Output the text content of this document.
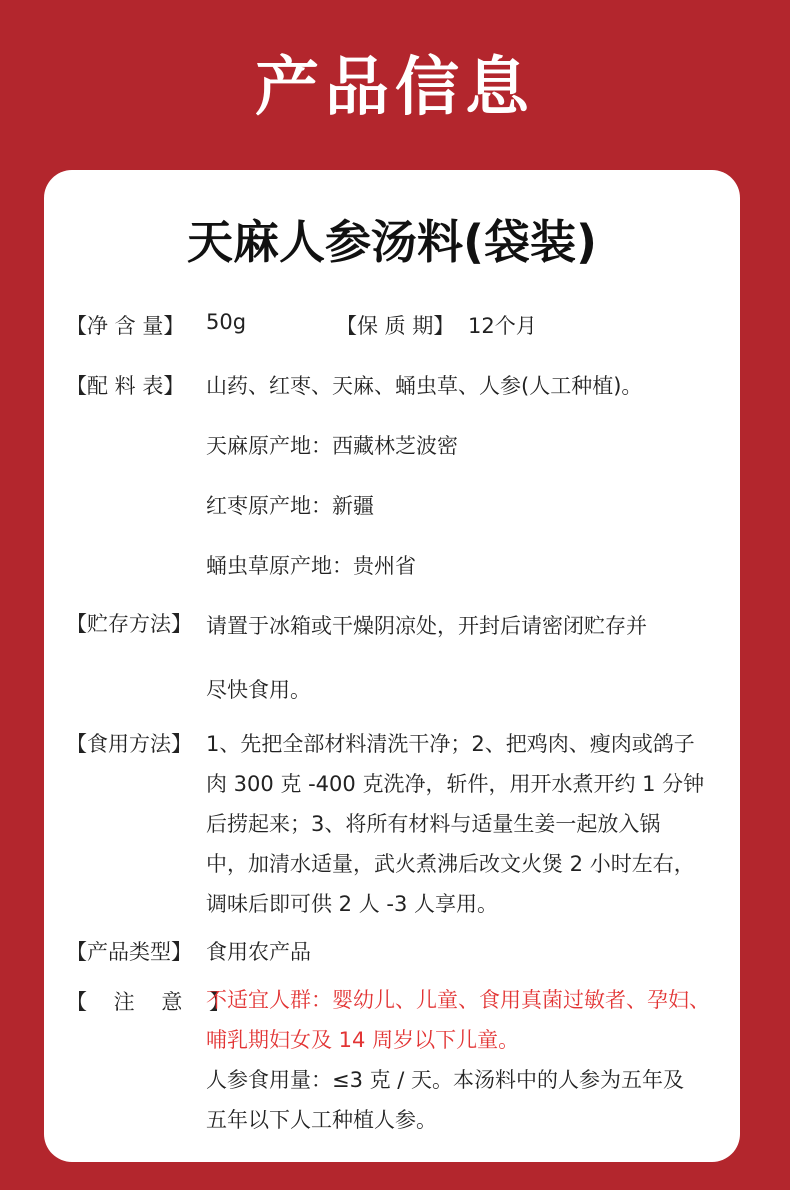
产品信息
天麻人参汤料(袋装)
【净 含 量】 50g	【保 质 期】 12个月
【配 料 表】 山药、红枣、天麻、蛹虫草、人参(人工种植)。
天麻原产地：西藏林芝波密
红枣原产地：新疆
蛹虫草原产地：贵州省
【贮存方法】 请置于冰箱或干燥阴凉处，开封后请密闭贮存并
尽快食用。
【食用方法】 1、先把全部材料清洗干净；2、把鸡肉、瘦肉或鸽子
肉 300 克 -400 克洗净，斩件，用开水煮开约 1 分钟
后捞起来；3、将所有材料与适量生姜一起放入锅
中，加清水适量，武火煮沸后改文火煲 2 小时左右，
调味后即可供 2 人 -3 人享用。
【产品类型】 食用农产品
【 注 意 】
不适宜人群：婴幼儿、儿童、食用真菌过敏者、孕妇、
哺乳期妇女及 14 周岁以下儿童。
人参食用量：≤3 克 / 天。本汤料中的人参为五年及
五年以下人工种植人参。
